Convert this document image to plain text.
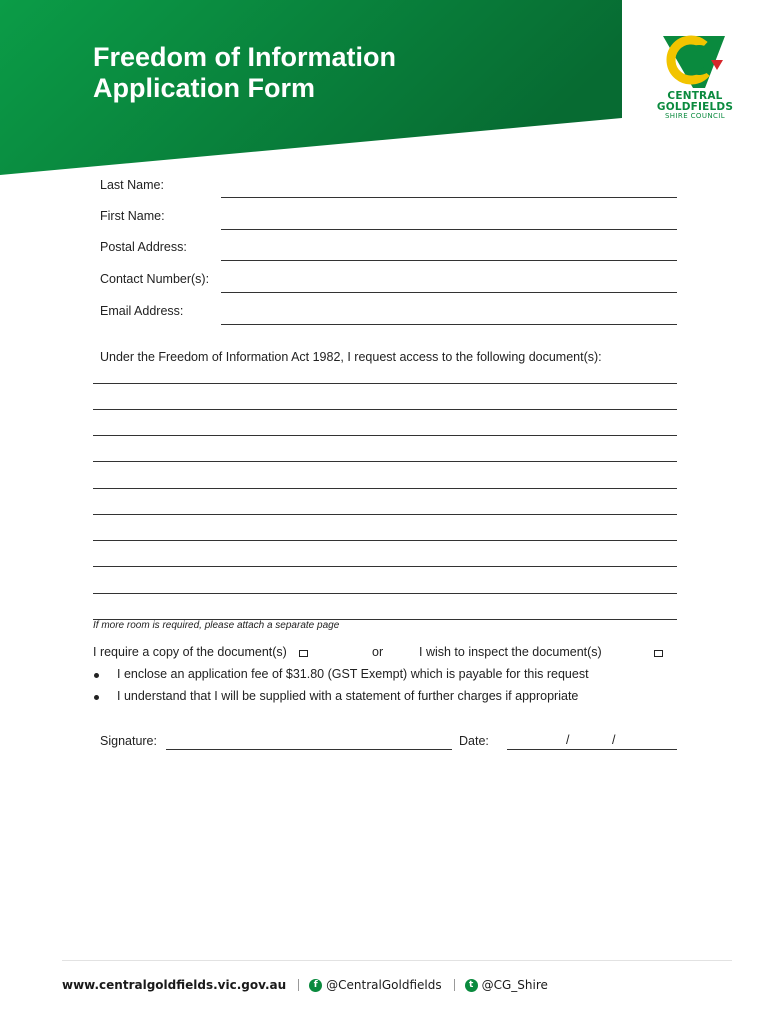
Freedom of Information
Application Form	CENTRAL
GOLDFIELDS
SHIRE COUNCIL
Last Name:
First Name:
Postal Address:
Contact Number(s):
Email Address:
Under the Freedom of Information Act 1982, I request access to the following document(s):
If more room is required, please attach a separate page
I require a copy of the document(s)	or	I wish to inspect the document(s)
I enclose an application fee of $31.80 (GST Exempt) which is payable for this request
I understand that I will be supplied with a statement of further charges if appropriate
Signature:	Date:	/	/
www.centralgoldfields.vic.gov.au	f @CentralGoldfields	t @CG_Shire
